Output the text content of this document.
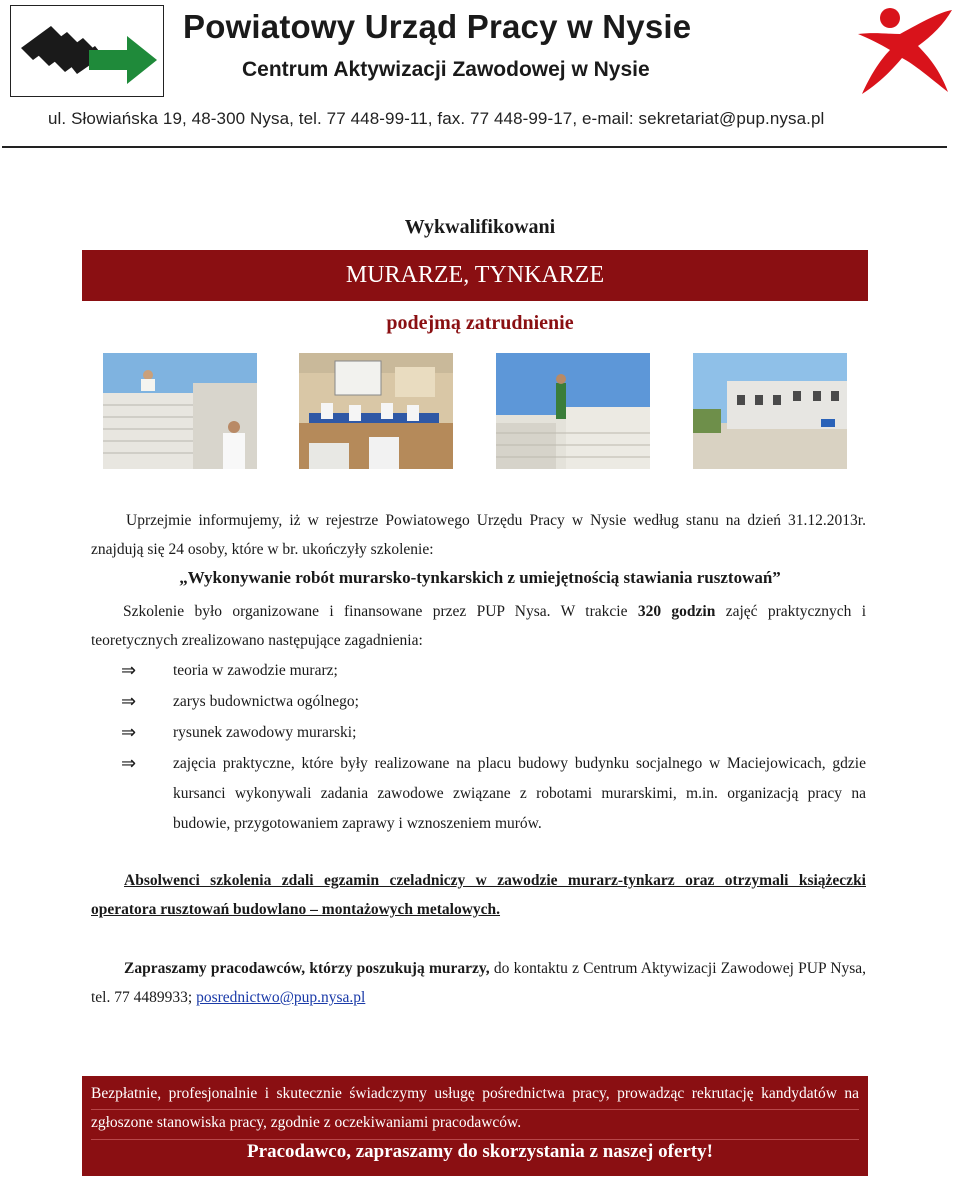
Powiatowy Urząd Pracy w Nysie
Centrum Aktywizacji Zawodowej w Nysie
ul. Słowiańska 19, 48-300 Nysa, tel. 77 448-99-11, fax. 77 448-99-17, e-mail: sekretariat@pup.nysa.pl
Wykwalifikowani
MURARZE, TYNKARZE
podejmą zatrudnienie
Uprzejmie informujemy, iż w rejestrze Powiatowego Urzędu Pracy w Nysie według stanu na dzień 31.12.2013r. znajdują się 24 osoby, które w br. ukończyły szkolenie:
„Wykonywanie robót murarsko-tynkarskich z umiejętnością stawiania rusztowań”
Szkolenie było organizowane i finansowane przez PUP Nysa. W trakcie 320 godzin zajęć praktycznych i teoretycznych zrealizowano następujące zagadnienia:
⇒ teoria w zawodzie murarz;
⇒ zarys budownictwa ogólnego;
⇒ rysunek zawodowy murarski;
⇒ zajęcia praktyczne, które były realizowane na placu budowy budynku socjalnego w Maciejowicach, gdzie kursanci wykonywali zadania zawodowe związane z robotami murarskimi, m.in. organizacją pracy na budowie, przygotowaniem zaprawy i wznoszeniem murów.
Absolwenci szkolenia zdali egzamin czeladniczy w zawodzie murarz-tynkarz oraz otrzymali książeczki operatora rusztowań budowlano – montażowych metalowych.
Zapraszamy pracodawców, którzy poszukują murarzy, do kontaktu z Centrum Aktywizacji Zawodowej PUP Nysa, tel. 77 4489933; posrednictwo@pup.nysa.pl
Bezpłatnie, profesjonalnie i skutecznie świadczymy usługę pośrednictwa pracy, prowadząc rekrutację kandydatów na zgłoszone stanowiska pracy, zgodnie z oczekiwaniami pracodawców.
Pracodawco, zapraszamy do skorzystania z naszej oferty!
